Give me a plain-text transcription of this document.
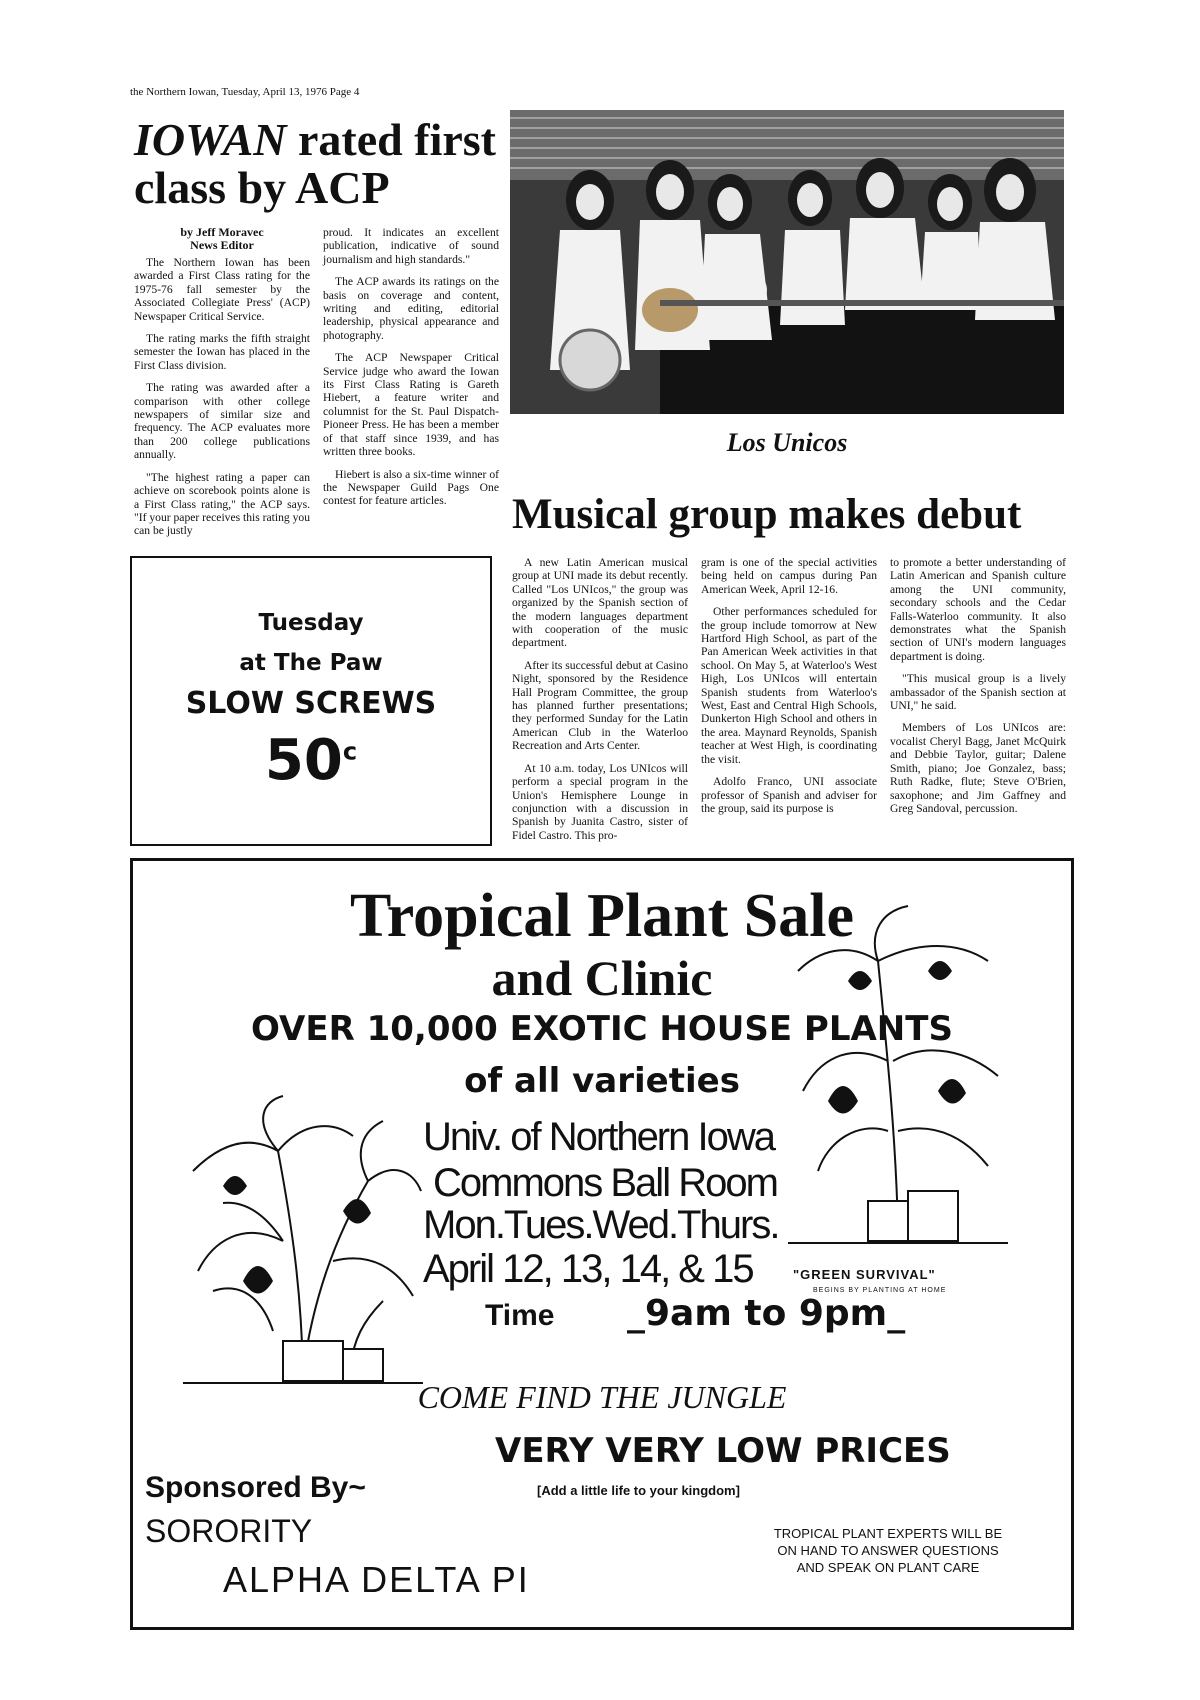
the Northern Iowan, Tuesday, April 13, 1976 Page 4
IOWAN rated first class by ACP
by Jeff Moravec
News Editor

The Northern Iowan has been awarded a First Class rating for the 1975-76 fall semester by the Associated Collegiate Press' (ACP) Newspaper Critical Service.

The rating marks the fifth straight semester the Iowan has placed in the First Class division.

The rating was awarded after a comparison with other college newspapers of similar size and frequency. The ACP evaluates more than 200 college publications annually.

"The highest rating a paper can achieve on scorebook points alone is a First Class rating," the ACP says. "If your paper receives this rating you can be justly

proud. It indicates an excellent publication, indicative of sound journalism and high standards."

The ACP awards its ratings on the basis on coverage and content, writing and editing, editorial leadership, physical appearance and photography.

The ACP Newspaper Critical Service judge who award the Iowan its First Class Rating is Gareth Hiebert, a feature writer and columnist for the St. Paul Dispatch-Pioneer Press. He has been a member of that staff since 1939, and has written three books.

Hiebert is also a six-time winner of the Newspaper Guild Pags One contest for feature articles.

Los Unicos
Musical group makes debut

A new Latin American musical group at UNI made its debut recently. Called "Los UNIcos," the group was organized by the Spanish section of the modern languages department with cooperation of the music department.

After its successful debut at Casino Night, sponsored by the Residence Hall Program Committee, the group has planned further presentations; they performed Sunday for the Latin American Club in the Waterloo Recreation and Arts Center.

At 10 a.m. today, Los UNIcos will perform a special program in the Union's Hemisphere Lounge in conjunction with a discussion in Spanish by Juanita Castro, sister of Fidel Castro. This pro-

gram is one of the special activities being held on campus during Pan American Week, April 12-16.

Other performances scheduled for the group include tomorrow at New Hartford High School, as part of the Pan American Week activities in that school. On May 5, at Waterloo's West High, Los UNIcos will entertain Spanish students from Waterloo's West, East and Central High Schools, Dunkerton High School and others in the area. Maynard Reynolds, Spanish teacher at West High, is coordinating the visit.

Adolfo Franco, UNI associate professor of Spanish and adviser for the group, said its purpose is

to promote a better understanding of Latin American and Spanish culture among the UNI community, secondary schools and the Cedar Falls-Waterloo community. It also demonstrates what the Spanish section of UNI's modern languages department is doing.

"This musical group is a lively ambassador of the Spanish section at UNI," he said.

Members of Los UNIcos are: vocalist Cheryl Bagg, Janet McQuirk and Debbie Taylor, guitar; Dalene Smith, piano; Joe Gonzalez, bass; Ruth Radke, flute; Steve O'Brien, saxophone; and Jim Gaffney and Greg Sandoval, percussion.

Tuesday
at The Paw
SLOW SCREWS
50$^c$
Tropical Plant Sale
and Clinic
OVER 10,000 EXOTIC HOUSE PLANTS
of all varieties
Univ. of Northern Iowa
Commons Ball Room
Mon.Tues.Wed.Thurs.
April 12, 13, 14, & 15	"GREEN SURVIVAL"
BEGINS BY PLANTING AT HOME
Time _9am to 9pm_
COME FIND THE JUNGLE
VERY VERY LOW PRICES
[Add a little life to your kingdom]
Sponsored By~
SORORITY
ALPHA DELTA PI
TROPICAL PLANT EXPERTS WILL BE
ON HAND TO ANSWER QUESTIONS
AND SPEAK ON PLANT CARE
